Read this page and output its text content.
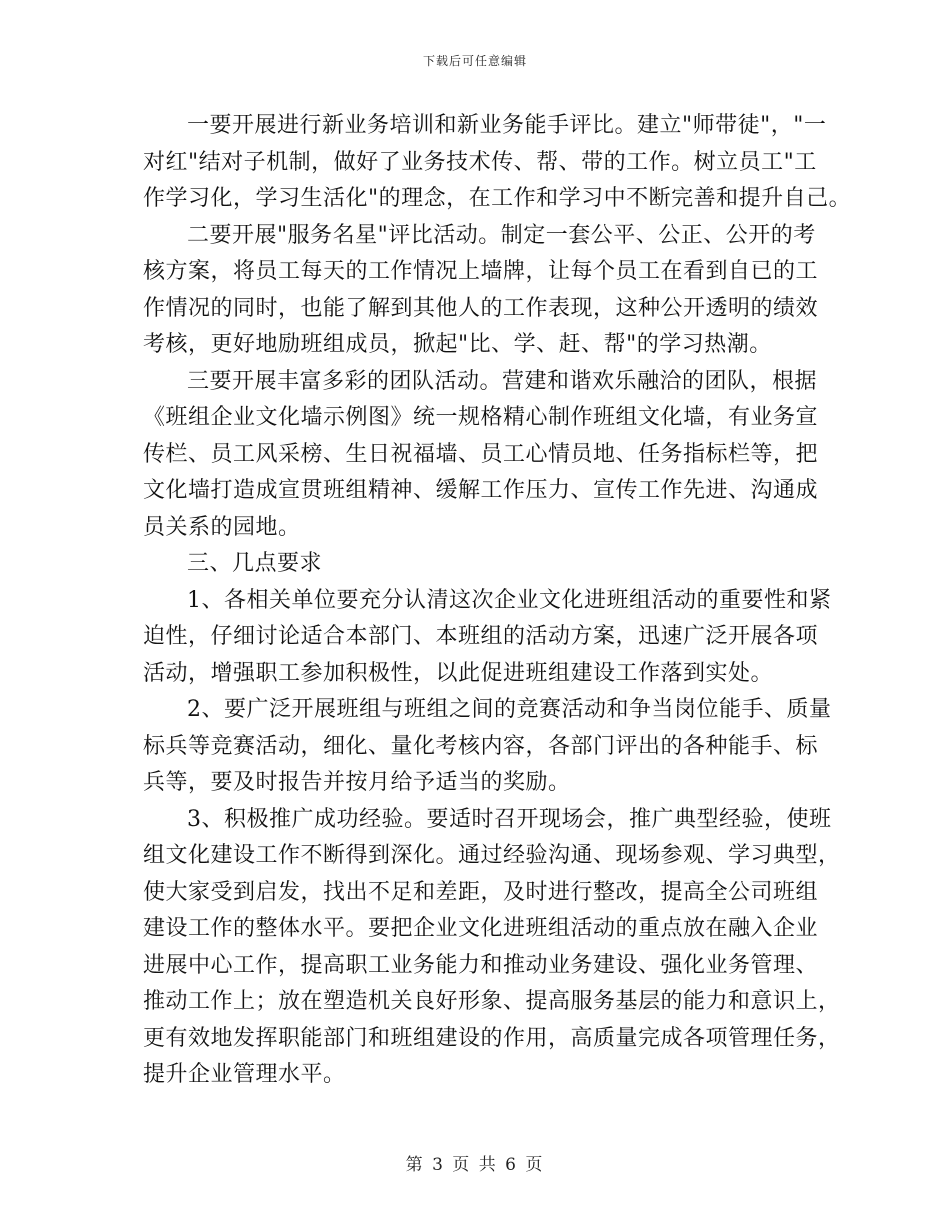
下载后可任意编辑
一要开展进行新业务培训和新业务能手评比。建立"师带徒"，"一
对红"结对子机制，做好了业务技术传、帮、带的工作。树立员工"工
作学习化，学习生活化"的理念，在工作和学习中不断完善和提升自己。
二要开展"服务名星"评比活动。制定一套公平、公正、公开的考
核方案，将员工每天的工作情况上墙牌，让每个员工在看到自已的工
作情况的同时，也能了解到其他人的工作表现，这种公开透明的绩效
考核，更好地励班组成员，掀起"比、学、赶、帮"的学习热潮。
三要开展丰富多彩的团队活动。营建和谐欢乐融洽的团队，根据
《班组企业文化墙示例图》统一规格精心制作班组文化墙，有业务宣
传栏、员工风采榜、生日祝福墙、员工心情员地、任务指标栏等，把
文化墙打造成宣贯班组精神、缓解工作压力、宣传工作先进、沟通成
员关系的园地。
三、几点要求
1、各相关单位要充分认清这次企业文化进班组活动的重要性和紧
迫性，仔细讨论适合本部门、本班组的活动方案，迅速广泛开展各项
活动，增强职工参加积极性，以此促进班组建设工作落到实处。
2、要广泛开展班组与班组之间的竞赛活动和争当岗位能手、质量
标兵等竞赛活动，细化、量化考核内容，各部门评出的各种能手、标
兵等，要及时报告并按月给予适当的奖励。
3、积极推广成功经验。要适时召开现场会，推广典型经验，使班
组文化建设工作不断得到深化。通过经验沟通、现场参观、学习典型，
使大家受到启发，找出不足和差距，及时进行整改，提高全公司班组
建设工作的整体水平。要把企业文化进班组活动的重点放在融入企业
进展中心工作，提高职工业务能力和推动业务建设、强化业务管理、
推动工作上；放在塑造机关良好形象、提高服务基层的能力和意识上，
更有效地发挥职能部门和班组建设的作用，高质量完成各项管理任务，
提升企业管理水平。
第 3 页 共 6 页
